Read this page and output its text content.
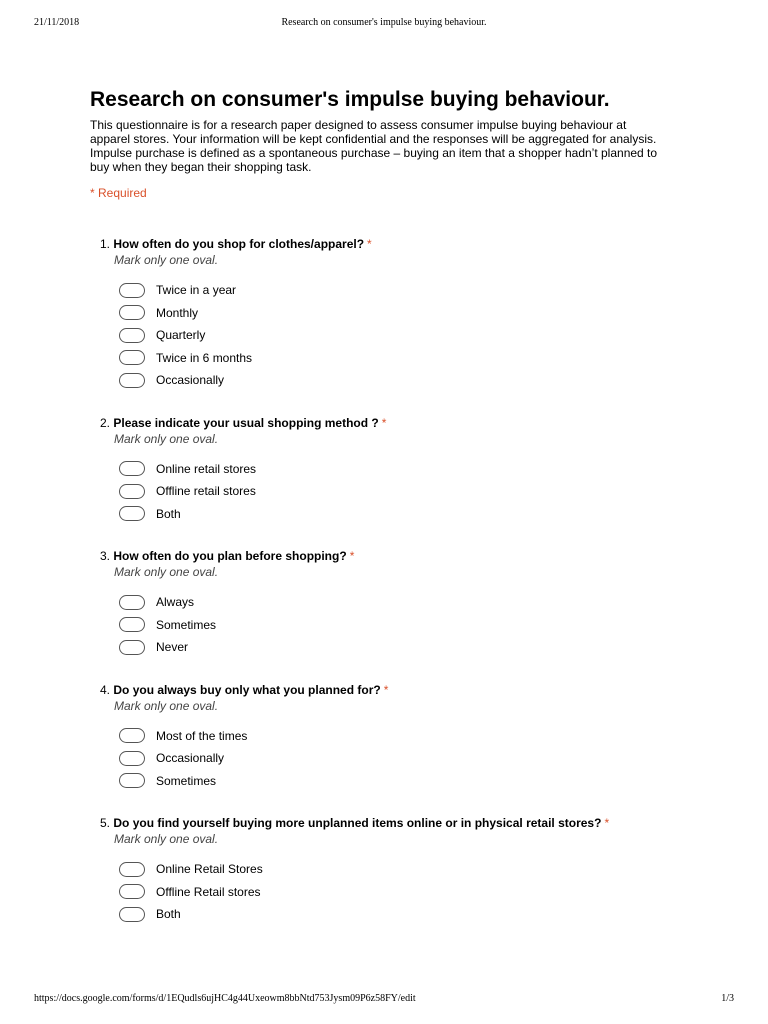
21/11/2018	Research on consumer's impulse buying behaviour.
Research on consumer's impulse buying behaviour.

This questionnaire is for a research paper designed to assess consumer impulse buying behaviour at apparel stores. Your information will be kept confidential and the responses will be aggregated for analysis. Impulse purchase is defined as a spontaneous purchase – buying an item that a shopper hadn’t planned to buy when they began their shopping task.

* Required
1. How often do you shop for clothes/apparel? *
Mark only one oval.
Twice in a year
Monthly
Quarterly
Twice in 6 months
Occasionally
2. Please indicate your usual shopping method ? *
Mark only one oval.
Online retail stores
Offline retail stores
Both
3. How often do you plan before shopping? *
Mark only one oval.
Always
Sometimes
Never
4. Do you always buy only what you planned for? *
Mark only one oval.
Most of the times
Occasionally
Sometimes
5. Do you find yourself buying more unplanned items online or in physical retail stores? *
Mark only one oval.
Online Retail Stores
Offline Retail stores
Both
https://docs.google.com/forms/d/1EQudls6ujHC4g44Uxeowm8bbNtd753Jysm09P6z58FY/edit	1/3
